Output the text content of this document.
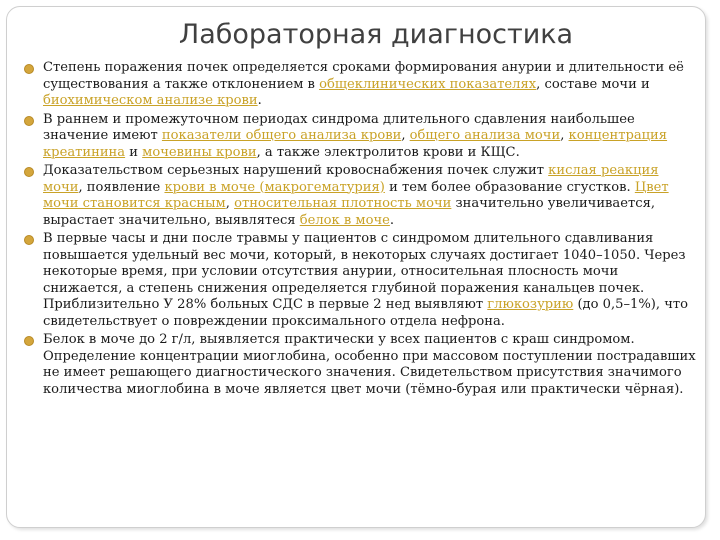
Лабораторная диагностика
Степень поражения почек определяется сроками формирования анурии и длительности её существования а также отклонением в общеклинических показателях, составе мочи и биохимическом анализе крови.
В раннем и промежуточном периодах синдрома длительного сдавления наибольшее значение имеют показатели общего анализа крови, общего анализа мочи, концентрация креатинина и мочевины крови, а также электролитов крови и КЩС.
Доказательством серьезных нарушений кровоснабжения почек служит кислая реакция мочи, появление крови в моче (макрогематурия) и тем более образование сгустков. Цвет мочи становится красным, относительная плотность мочи значительно увеличивается, вырастает значительно, выявлятеся белок в моче.
В первые часы и дни после травмы у пациентов с синдромом длительного сдавливания повышается удельный вес мочи, который, в некоторых случаях достигает 1040–1050. Через некоторые время, при условии отсутствия анурии, относительная плосность мочи снижается, а степень снижения определяется глубиной поражения канальцев почек. Приблизительно У 28% больных СДС в первые 2 нед выявляют глюкозурию (до 0,5–1%), что свидетельствует о повреждении проксимального отдела нефрона.
Белок в моче до 2 г/л, выявляется практически у всех пациентов с краш синдромом. Определение концентрации миоглобина, особенно при массовом поступлении пострадавших не имеет решающего диагностического значения. Свидетельством присутствия значимого количества миоглобина в моче является цвет мочи (тёмно-бурая или практически чёрная).
